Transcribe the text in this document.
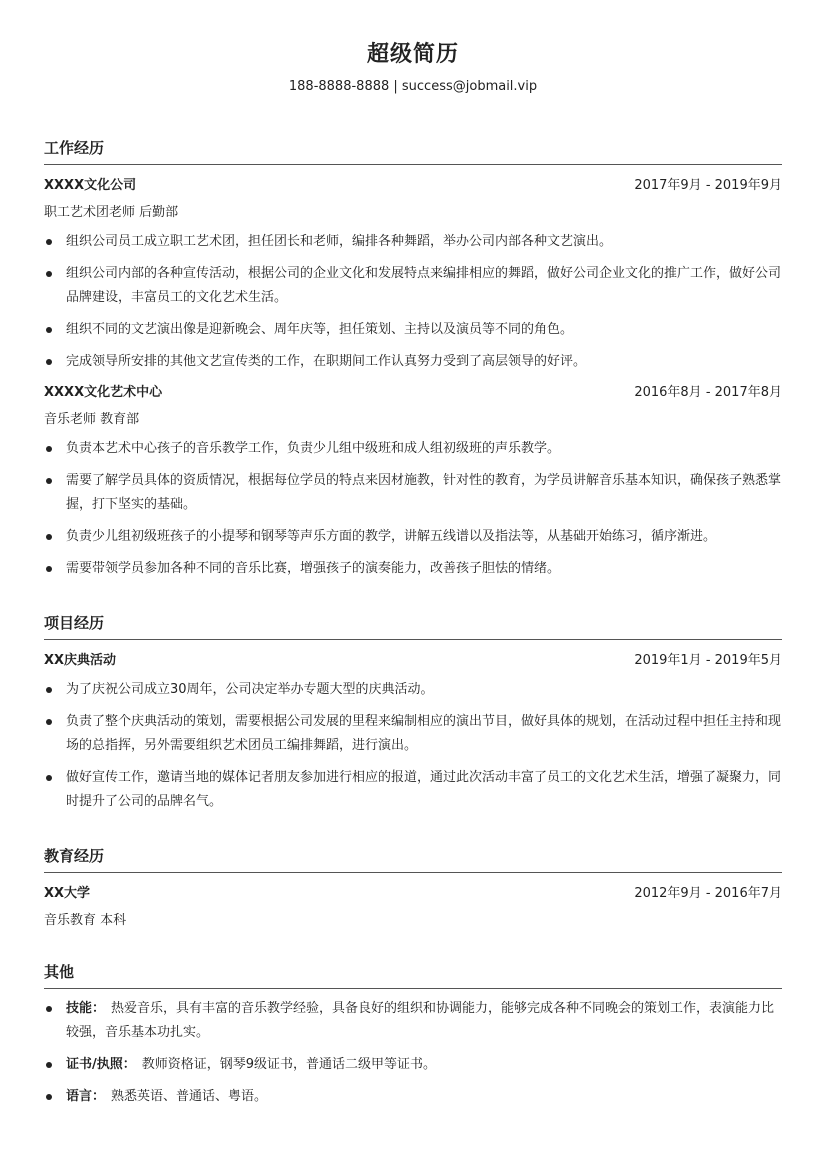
超级简历
188-8888-8888 | success@jobmail.vip
工作经历
XXXX文化公司	2017年9月 - 2019年9月
职工艺术团老师 后勤部
组织公司员工成立职工艺术团，担任团长和老师，编排各种舞蹈，举办公司内部各种文艺演出。
组织公司内部的各种宣传活动，根据公司的企业文化和发展特点来编排相应的舞蹈，做好公司企业文化的推广工作，做好公司品牌建设，丰富员工的文化艺术生活。
组织不同的文艺演出像是迎新晚会、周年庆等，担任策划、主持以及演员等不同的角色。
完成领导所安排的其他文艺宣传类的工作，在职期间工作认真努力受到了高层领导的好评。
XXXX文化艺术中心	2016年8月 - 2017年8月
音乐老师 教育部
负责本艺术中心孩子的音乐教学工作，负责少儿组中级班和成人组初级班的声乐教学。
需要了解学员具体的资质情况，根据每位学员的特点来因材施教，针对性的教育，为学员讲解音乐基本知识，确保孩子熟悉掌握，打下坚实的基础。
负责少儿组初级班孩子的小提琴和钢琴等声乐方面的教学，讲解五线谱以及指法等，从基础开始练习，循序渐进。
需要带领学员参加各种不同的音乐比赛，增强孩子的演奏能力，改善孩子胆怯的情绪。
项目经历
XX庆典活动	2019年1月 - 2019年5月
为了庆祝公司成立30周年，公司决定举办专题大型的庆典活动。
负责了整个庆典活动的策划，需要根据公司发展的里程来编制相应的演出节目，做好具体的规划，在活动过程中担任主持和现场的总指挥，另外需要组织艺术团员工编排舞蹈，进行演出。
做好宣传工作，邀请当地的媒体记者朋友参加进行相应的报道，通过此次活动丰富了员工的文化艺术生活，增强了凝聚力，同时提升了公司的品牌名气。
教育经历
XX大学	2012年9月 - 2016年7月
音乐教育 本科
其他
技能： 热爱音乐，具有丰富的音乐教学经验，具备良好的组织和协调能力，能够完成各种不同晚会的策划工作，表演能力比较强，音乐基本功扎实。
证书/执照： 教师资格证，钢琴9级证书，普通话二级甲等证书。
语言： 熟悉英语、普通话、粤语。
